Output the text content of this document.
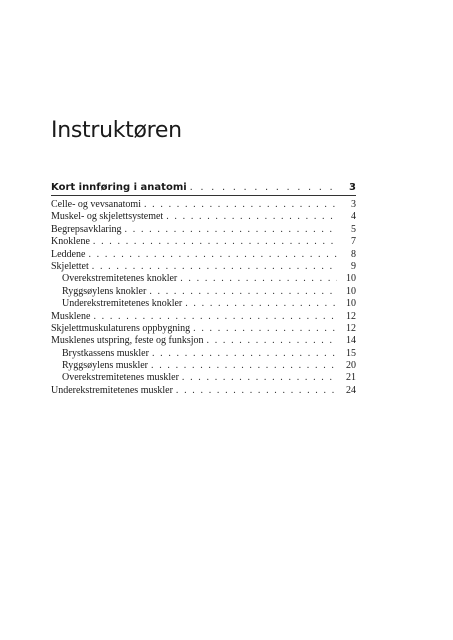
Instruktøren
Kort innføring i anatomi . . .	3
Celle- og vevsanatomi . . .	3
Muskel- og skjelettsystemet . . .	4
Begrepsavklaring . . .	5
Knoklene . . .	7
Leddene . . .	8
Skjelettet . . .	9
Overekstremitetenes knokler . . .	10
Ryggsøylens knokler . . .	10
Underekstremitetenes knokler . . .	10
Musklene . . .	12
Skjelettmuskulaturens oppbygning . . .	12
Musklenes utspring, feste og funksjon . . .	14
Brystkassens muskler . . .	15
Ryggsøylens muskler . . .	20
Overekstremitetenes muskler . . .	21
Underekstremitetenes muskler . . .	24
